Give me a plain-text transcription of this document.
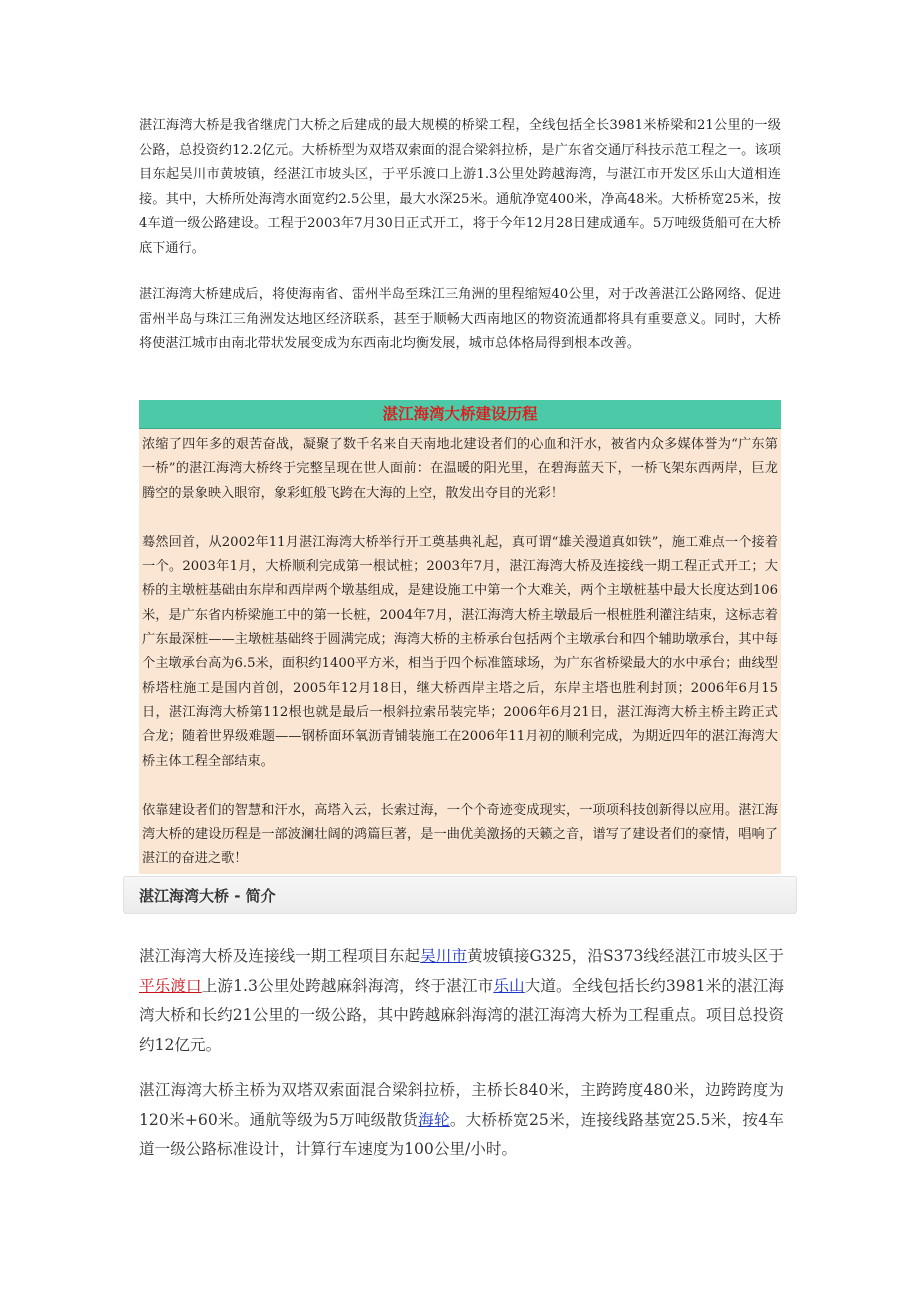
湛江海湾大桥是我省继虎门大桥之后建成的最大规模的桥梁工程，全线包括全长3981米桥梁和21公里的一级公路，总投资约12.2亿元。大桥桥型为双塔双索面的混合梁斜拉桥，是广东省交通厅科技示范工程之一。该项目东起吴川市黄坡镇，经湛江市坡头区，于平乐渡口上游1.3公里处跨越海湾，与湛江市开发区乐山大道相连接。其中，大桥所处海湾水面宽约2.5公里，最大水深25米。通航净宽400米，净高48米。大桥桥宽25米，按4车道一级公路建设。工程于2003年7月30日正式开工，将于今年12月28日建成通车。5万吨级货船可在大桥底下通行。

湛江海湾大桥建成后，将使海南省、雷州半岛至珠江三角洲的里程缩短40公里，对于改善湛江公路网络、促进雷州半岛与珠江三角洲发达地区经济联系，甚至于顺畅大西南地区的物资流通都将具有重要意义。同时，大桥将使湛江城市由南北带状发展变成为东西南北均衡发展，城市总体格局得到根本改善。

湛江海湾大桥建设历程

浓缩了四年多的艰苦奋战，凝聚了数千名来自天南地北建设者们的心血和汗水，被省内众多媒体誉为“广东第一桥”的湛江海湾大桥终于完整呈现在世人面前：在温暖的阳光里，在碧海蓝天下，一桥飞架东西两岸，巨龙腾空的景象映入眼帘，象彩虹般飞跨在大海的上空，散发出夺目的光彩！

蓦然回首，从2002年11月湛江海湾大桥举行开工奠基典礼起，真可谓“雄关漫道真如铁”，施工难点一个接着一个。2003年1月，大桥顺利完成第一根试桩；2003年7月，湛江海湾大桥及连接线一期工程正式开工；大桥的主墩桩基础由东岸和西岸两个墩基组成，是建设施工中第一个大难关，两个主墩桩基中最大长度达到106米，是广东省内桥梁施工中的第一长桩，2004年7月，湛江海湾大桥主墩最后一根桩胜利灌注结束，这标志着广东最深桩——主墩桩基础终于圆满完成；海湾大桥的主桥承台包括两个主墩承台和四个辅助墩承台，其中每个主墩承台高为6.5米，面积约1400平方米，相当于四个标准篮球场，为广东省桥梁最大的水中承台；曲线型桥塔柱施工是国内首创，2005年12月18日，继大桥西岸主塔之后，东岸主塔也胜利封顶；2006年6月15日，湛江海湾大桥第112根也就是最后一根斜拉索吊装完毕；2006年6月21日，湛江海湾大桥主桥主跨正式合龙；随着世界级难题——钢桥面环氧沥青铺装施工在2006年11月初的顺利完成，为期近四年的湛江海湾大桥主体工程全部结束。

依靠建设者们的智慧和汗水，高塔入云，长索过海，一个个奇迹变成现实，一项项科技创新得以应用。湛江海湾大桥的建设历程是一部波澜壮阔的鸿篇巨著，是一曲优美激扬的天籁之音，谱写了建设者们的豪情，唱响了湛江的奋进之歌！

湛江海湾大桥 - 简介

湛江海湾大桥及连接线一期工程项目东起吴川市黄坡镇接G325，沿S373线经湛江市坡头区于平乐渡口上游1.3公里处跨越麻斜海湾，终于湛江市乐山大道。全线包括长约3981米的湛江海湾大桥和长约21公里的一级公路，其中跨越麻斜海湾的湛江海湾大桥为工程重点。项目总投资约12亿元。

湛江海湾大桥主桥为双塔双索面混合梁斜拉桥，主桥长840米，主跨跨度480米，边跨跨度为120米+60米。通航等级为5万吨级散货海轮。大桥桥宽25米，连接线路基宽25.5米，按4车道一级公路标准设计，计算行车速度为100公里/小时。
